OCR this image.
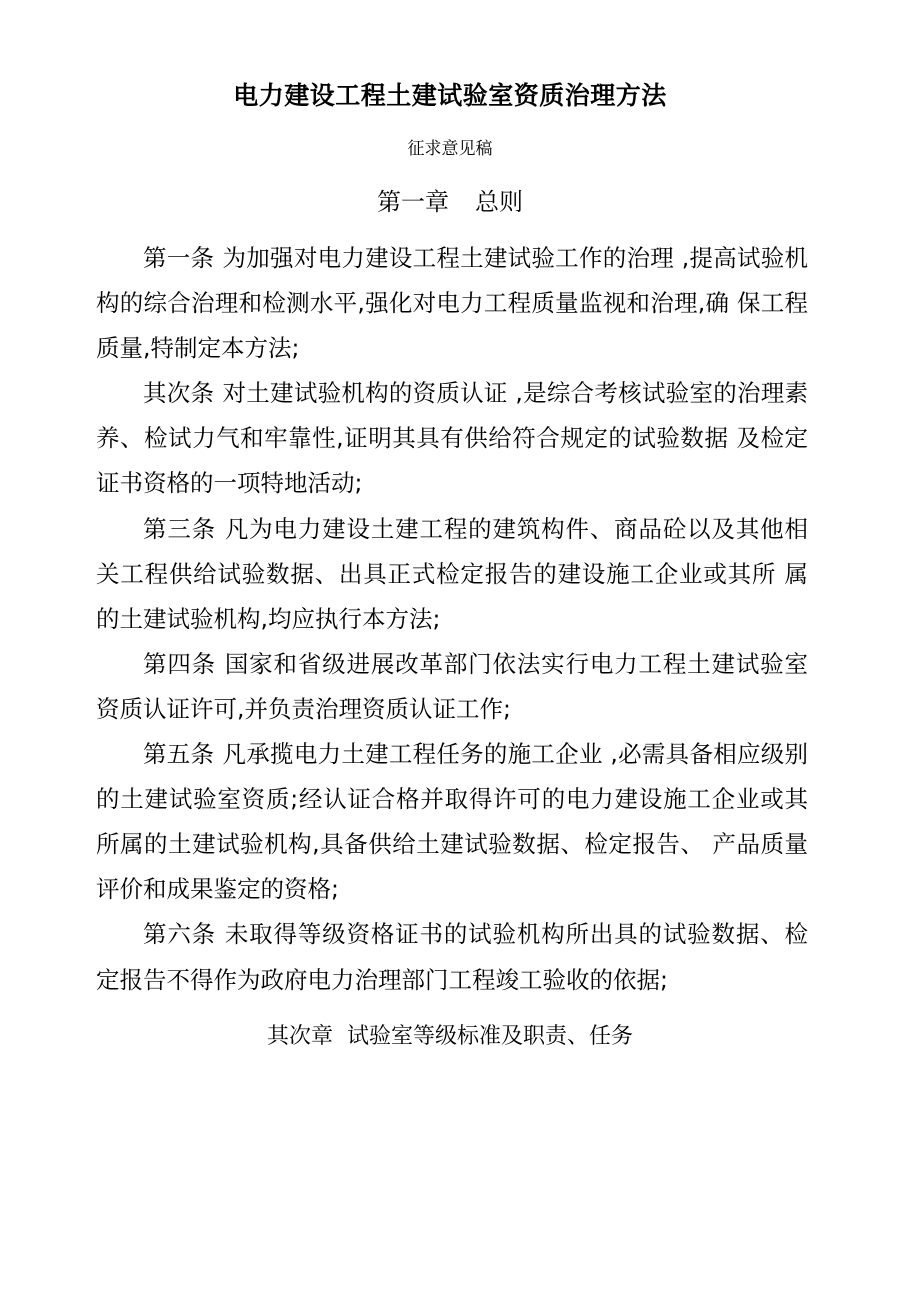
电力建设工程土建试验室资质治理方法
征求意见稿
第一章 总则

第一条 为加强对电力建设工程土建试验工作的治理 ,提高试验机构的综合治理和检测水平,强化对电力工程质量监视和治理,确 保工程质量,特制定本方法;

其次条 对土建试验机构的资质认证 ,是综合考核试验室的治理素养、检试力气和牢靠性,证明其具有供给符合规定的试验数据 及检定证书资格的一项特地活动;

第三条 凡为电力建设土建工程的建筑构件、商品砼以及其他相关工程供给试验数据、出具正式检定报告的建设施工企业或其所 属的土建试验机构,均应执行本方法;

第四条 国家和省级进展改革部门依法实行电力工程土建试验室资质认证许可,并负责治理资质认证工作;

第五条 凡承揽电力土建工程任务的施工企业 ,必需具备相应级别的土建试验室资质;经认证合格并取得许可的电力建设施工企业或其所属的土建试验机构,具备供给土建试验数据、检定报告、 产品质量评价和成果鉴定的资格;

第六条 未取得等级资格证书的试验机构所出具的试验数据、检定报告不得作为政府电力治理部门工程竣工验收的依据;

其次章 试验室等级标准及职责、任务
